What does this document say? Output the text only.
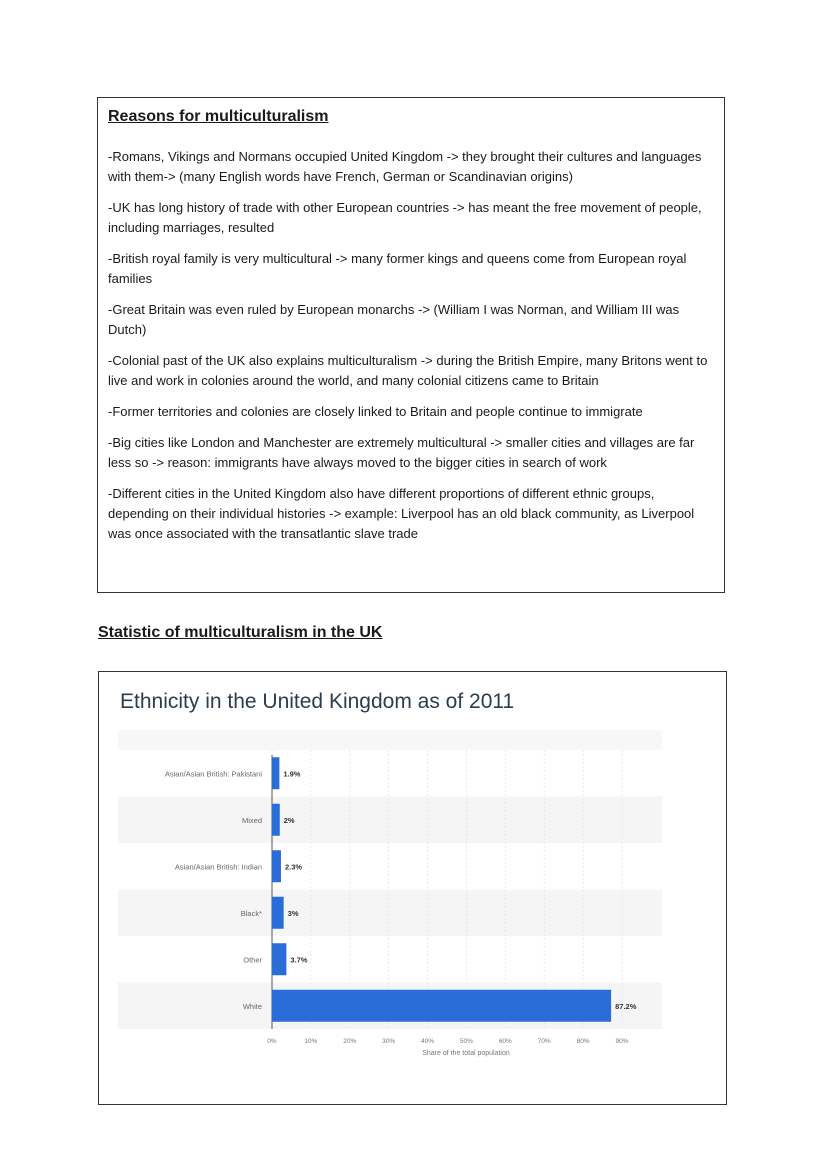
Reasons for multiculturalism

-Romans, Vikings and Normans occupied United Kingdom -> they brought their cultures and languages with them-> (many English words have French, German or Scandinavian origins)

-UK has long history of trade with other European countries -> has meant the free movement of people, including marriages, resulted

-British royal family is very multicultural -> many former kings and queens come from European royal families

-Great Britain was even ruled by European monarchs -> (William I was Norman, and William III was Dutch)

-Colonial past of the UK also explains multiculturalism -> during the British Empire, many Britons went to live and work in colonies around the world, and many colonial citizens came to Britain

-Former territories and colonies are closely linked to Britain and people continue to immigrate

-Big cities like London and Manchester are extremely multicultural -> smaller cities and villages are far less so -> reason: immigrants have always moved to the bigger cities in search of work

-Different cities in the United Kingdom also have different proportions of different ethnic groups, depending on their individual histories -> example: Liverpool has an old black community, as Liverpool was once associated with the transatlantic slave trade

Statistic of multiculturalism in the UK
Ethnicity in the United Kingdom as of 2011
Asian/Asian British: Pakistani	1.9%
Mixed	2%
Asian/Asian British: Indian	2.3%
Black*	3%
Other	3.7%
White	87.2%
0%	10%	20%	30%	40%	50%	60%	70%	80%	90%
Share of the total population
